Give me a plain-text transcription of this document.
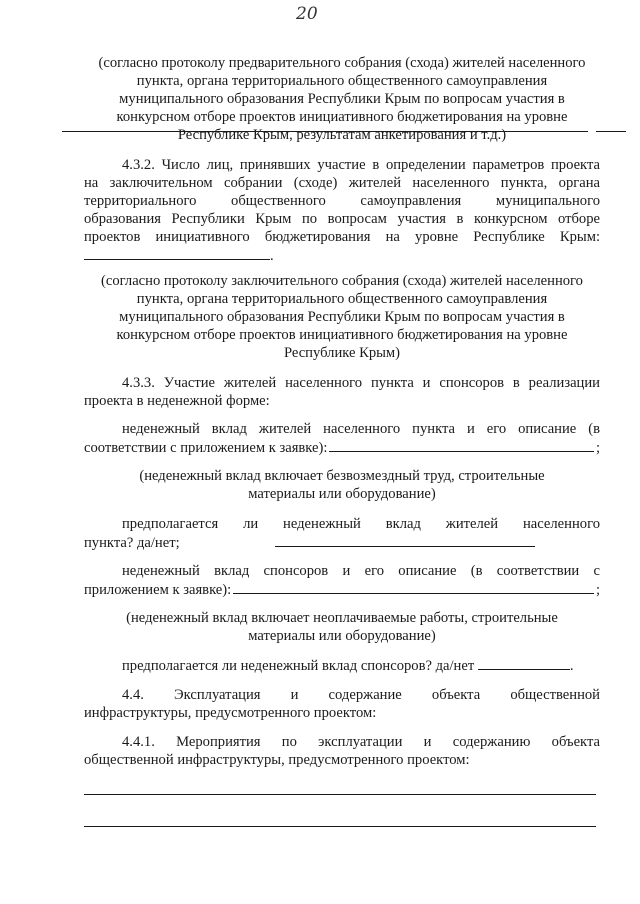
20
(согласно протоколу предварительного собрания (схода) жителей населенного
пункта, органа территориального общественного самоуправления
муниципального образования Республики Крым по вопросам участия в
конкурсном отборе проектов инициативного бюджетирования на уровне
Республике Крым, результатам анкетирования и т.д.)
4.3.2. Число лиц, принявших участие в определении параметров проекта
на заключительном собрании (сходе) жителей населенного пункта, органа
территориального общественного самоуправления муниципального
образования Республики Крым по вопросам участия в конкурсном отборе
проектов инициативного бюджетирования на уровне Республике Крым:
.
(согласно протоколу заключительного собрания (схода) жителей населенного
пункта, органа территориального общественного самоуправления
муниципального образования Республики Крым по вопросам участия в
конкурсном отборе проектов инициативного бюджетирования на уровне
Республике Крым)
4.3.3. Участие жителей населенного пункта и спонсоров в реализации
проекта в неденежной форме:
неденежный вклад жителей населенного пункта и его описание (в
соответствии с приложением к заявке):	;
(неденежный вклад включает безвозмездный труд, строительные
материалы или оборудование)
предполагается ли неденежный вклад жителей населенного
пункта? да/нет;
неденежный вклад спонсоров и его описание (в соответствии с
приложением к заявке):	;
(неденежный вклад включает неоплачиваемые работы, строительные
материалы или оборудование)
предполагается ли неденежный вклад спонсоров? да/нет	.
4.4. Эксплуатация и содержание объекта общественной
инфраструктуры, предусмотренного проектом:
4.4.1. Мероприятия по эксплуатации и содержанию объекта
общественной инфраструктуры, предусмотренного проектом:
